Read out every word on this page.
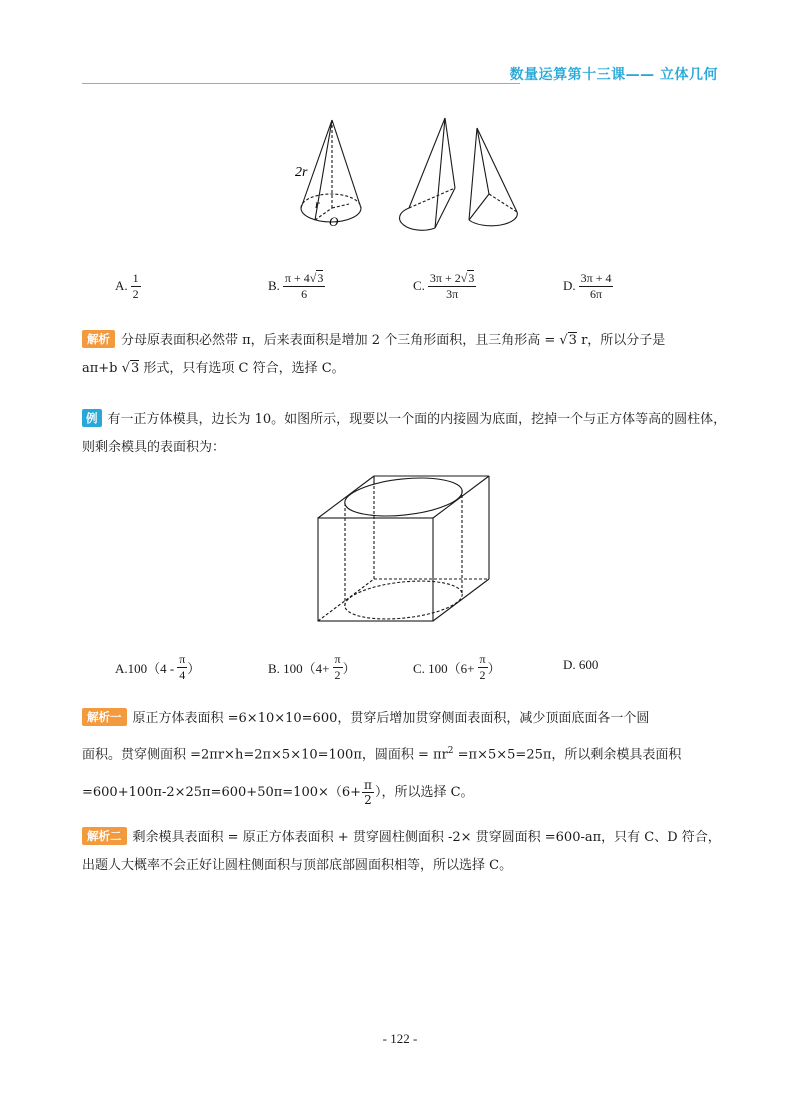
数量运算第十三课—— 立体几何
2r
r
O
A. $\frac{1}{2}$	B. $\frac{\pi + 4√3}{6}$	C. $\frac{3\pi + 2√3}{3\pi}$	D. $\frac{3\pi + 4}{6\pi}$
解析 分母原表面积必然带 π，后来表面积是增加 2 个三角形面积，且三角形高 = √3 r，所以分子是
aπ+b √3 形式，只有选项 C 符合，选择 C。
例 有一正方体模具，边长为 10。如图所示，现要以一个面的内接圆为底面，挖掉一个与正方体等高的圆柱体，
则剩余模具的表面积为：
$A.100(4 - \frac{\pi}{4}$ ）	B. $100(4+ \frac{\pi}{2}$ ）	C. $100(6+ \frac{\pi}{2}$ ）	D. 600
解析一 原正方体表面积 =6×10×10=600，贯穿后增加贯穿侧面表面积，减少顶面底面各一个圆
面积。贯穿侧面积 =2πr×h=2π×5×10=100π，圆面积 = $\pi r^2 =\pi\times 5\times 5=25\pi$，所以剩余模具表面积
$=600+100\pi-2\times 25\pi=600+50\pi=100\times(6+ \frac{\pi}{2}$ ），所以选择 C。
解析二 剩余模具表面积 = 原正方体表面积 + 贯穿圆柱侧面积 -2× 贯穿圆面积 =600-aπ，只有 C、D 符合，
出题人大概率不会正好让圆柱侧面积与顶部底部圆面积相等，所以选择 C。
- 122 -
